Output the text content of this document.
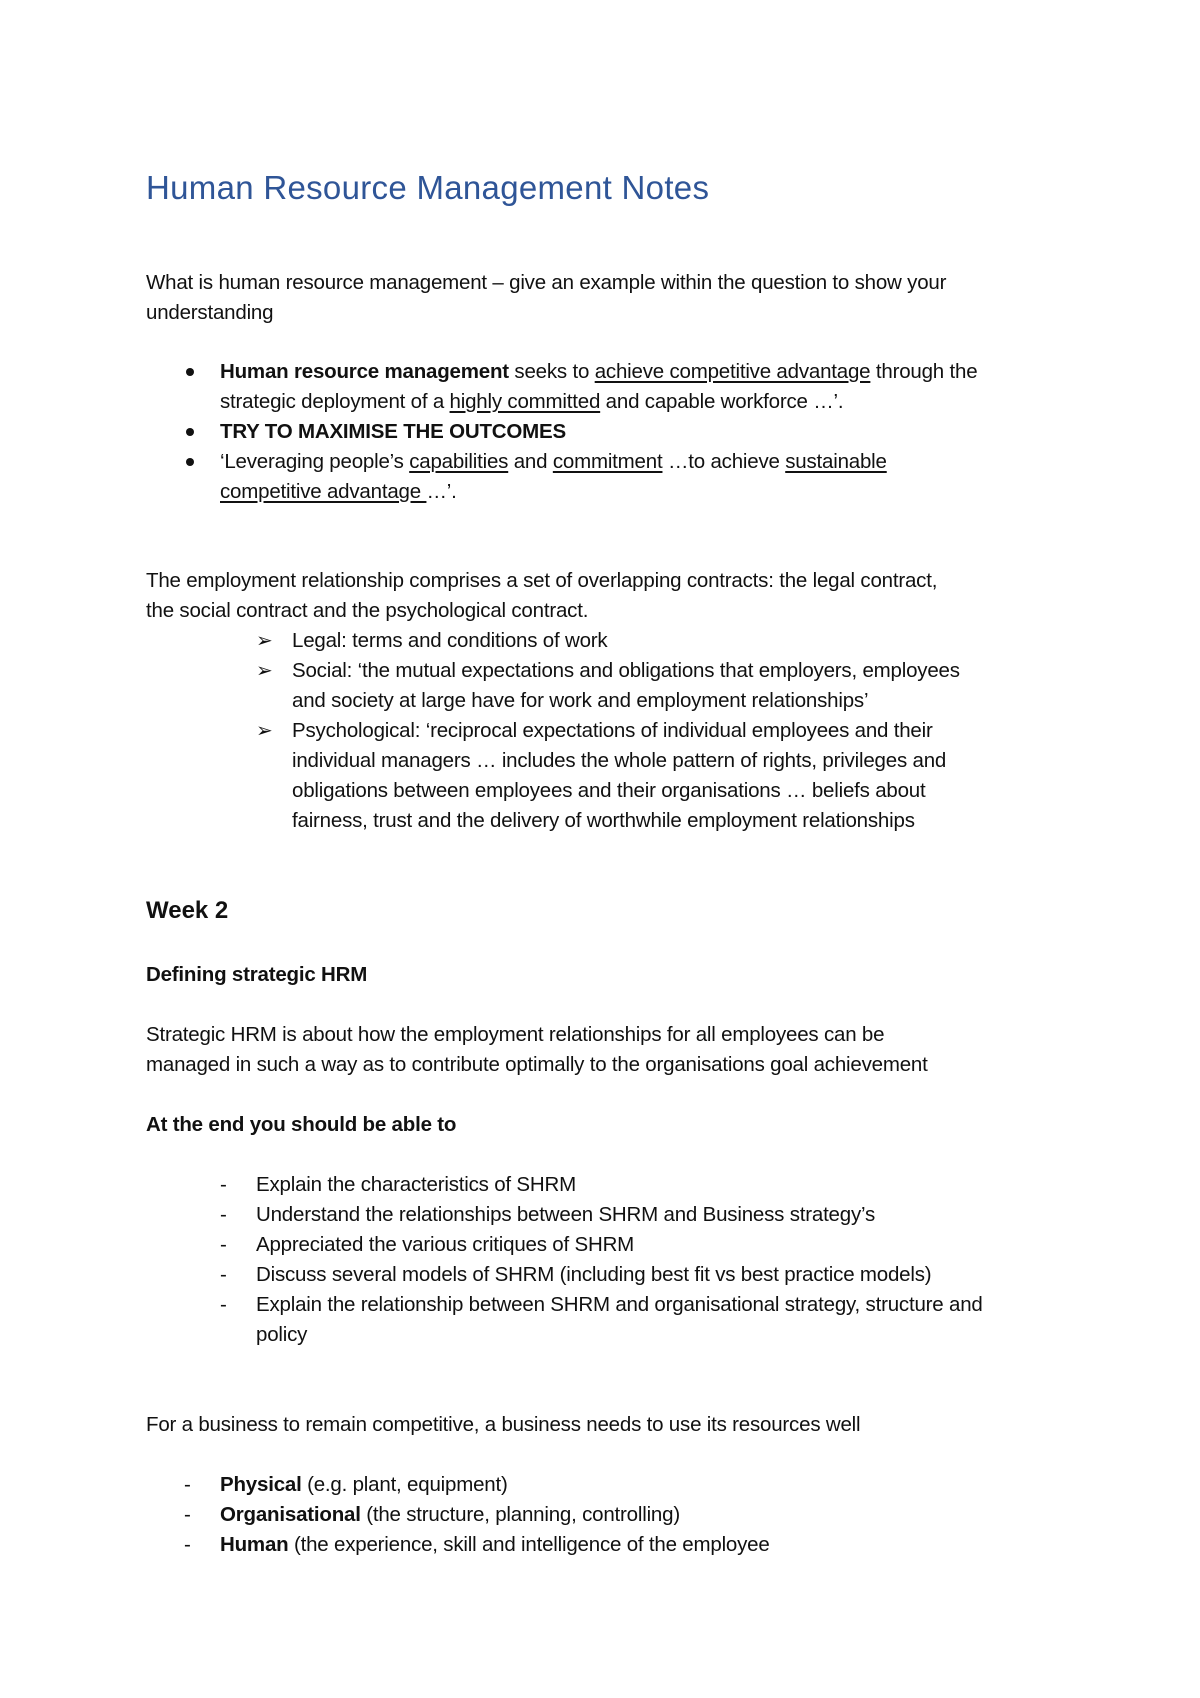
Human Resource Management Notes
What is human resource management – give an example within the question to show your
understanding
Human resource management seeks to achieve competitive advantage through the
strategic deployment of a highly committed and capable workforce …’.
TRY TO MAXIMISE THE OUTCOMES
‘Leveraging people’s capabilities and commitment …to achieve sustainable
competitive advantage …’.
The employment relationship comprises a set of overlapping contracts: the legal contract,
the social contract and the psychological contract.
➢ Legal: terms and conditions of work
➢ Social: ‘the mutual expectations and obligations that employers, employees
and society at large have for work and employment relationships’
➢ Psychological: ‘reciprocal expectations of individual employees and their
individual managers … includes the whole pattern of rights, privileges and
obligations between employees and their organisations … beliefs about
fairness, trust and the delivery of worthwhile employment relationships
Week 2
Defining strategic HRM
Strategic HRM is about how the employment relationships for all employees can be
managed in such a way as to contribute optimally to the organisations goal achievement
At the end you should be able to
- Explain the characteristics of SHRM
- Understand the relationships between SHRM and Business strategy’s
- Appreciated the various critiques of SHRM
- Discuss several models of SHRM (including best fit vs best practice models)
- Explain the relationship between SHRM and organisational strategy, structure and
policy
For a business to remain competitive, a business needs to use its resources well
- Physical (e.g. plant, equipment)
- Organisational (the structure, planning, controlling)
- Human (the experience, skill and intelligence of the employee
